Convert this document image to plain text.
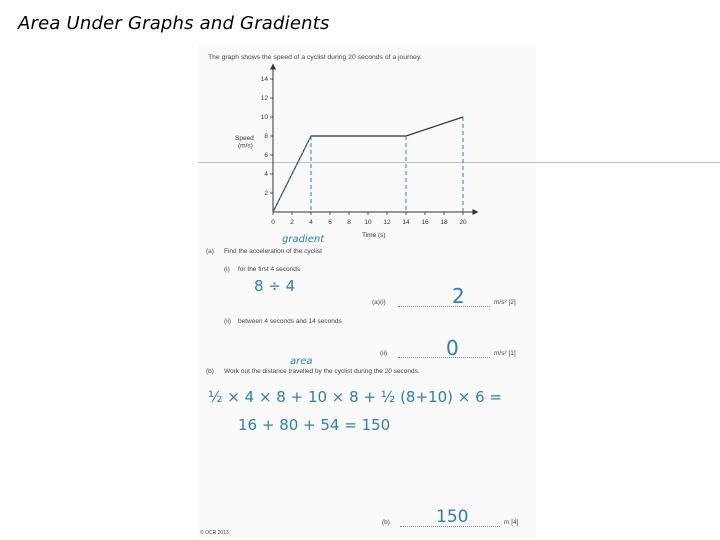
Area Under Graphs and Gradients
The graph shows the speed of a cyclist during 20 seconds of a journey.
0 2 4 6 8 10 12 14 16 18 20
2
4
6
8
10
12
14
Time (s)
Speed
(m/s)
(a) Find the acceleration of the cyclist
gradient
(i) for the first 4 seconds
8 ÷ 4
(a)(i)	2	m/s² [2]
(ii) between 4 seconds and 14 seconds
(ii)	0	m/s² [1]
(b) Work out the distance travelled by the cyclist during the 20 seconds.
area
½ × 4 × 8 + 10 × 8 + ½ (8+10) × 6 =
16 + 80 + 54 = 150
(b)	150	m [4]
© OCR 2013
